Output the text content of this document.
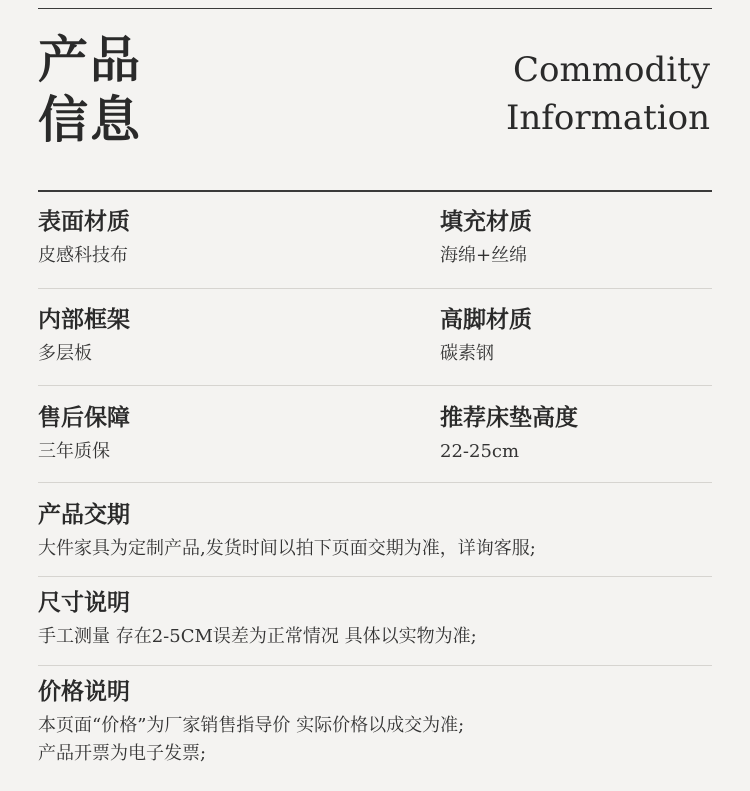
产品
信息
Commodity
Information
表面材质
皮感科技布
填充材质
海绵+丝绵
内部框架
多层板
高脚材质
碳素钢
售后保障
三年质保
推荐床垫高度
22-25cm
产品交期
大件家具为定制产品,发货时间以拍下页面交期为准，详询客服;
尺寸说明
手工测量 存在2-5CM误差为正常情况 具体以实物为准;
价格说明
本页面“价格”为厂家销售指导价 实际价格以成交为准;
产品开票为电子发票;
